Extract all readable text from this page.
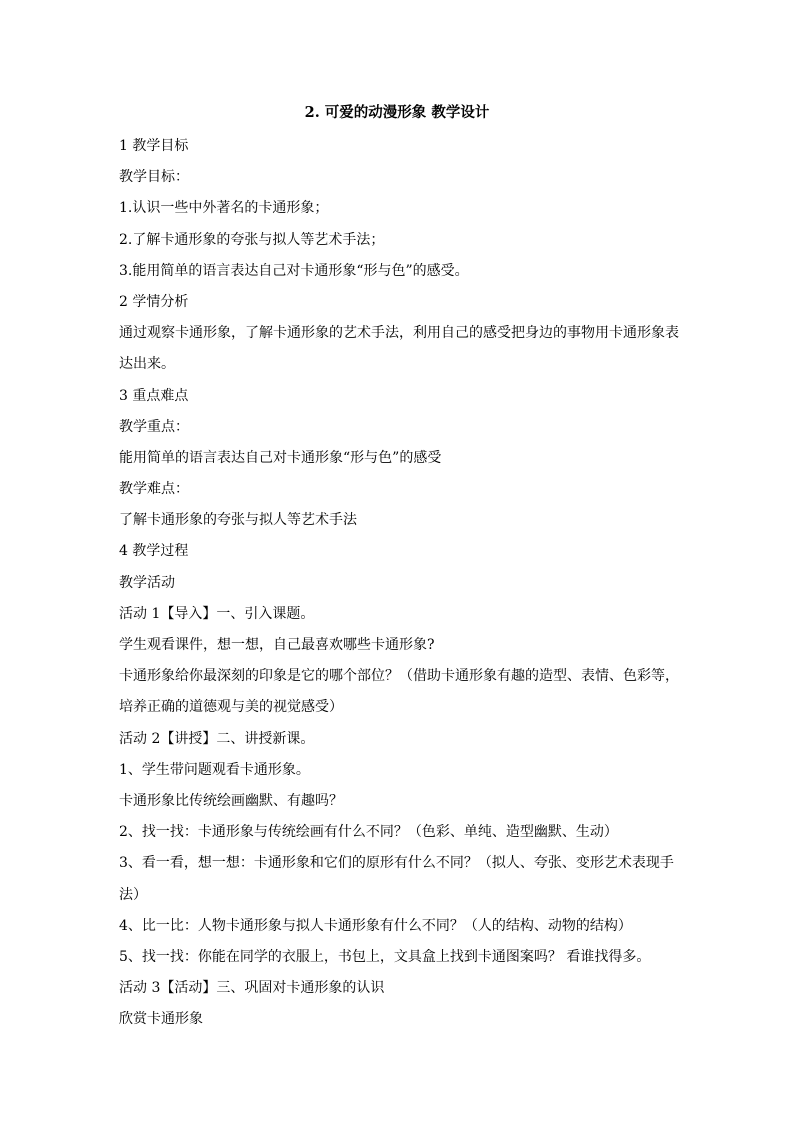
2. 可爱的动漫形象 教学设计
1 教学目标
教学目标：
1.认识一些中外著名的卡通形象；
2.了解卡通形象的夸张与拟人等艺术手法；
3.能用简单的语言表达自己对卡通形象“形与色”的感受。
2 学情分析
通过观察卡通形象，了解卡通形象的艺术手法，利用自己的感受把身边的事物用卡通形象表
达出来。
3 重点难点
教学重点：
能用简单的语言表达自己对卡通形象“形与色”的感受
教学难点：
了解卡通形象的夸张与拟人等艺术手法
4 教学过程
教学活动
活动 1【导入】一、引入课题。
学生观看课件，想一想，自己最喜欢哪些卡通形象?
卡通形象给你最深刻的印象是它的哪个部位？（借助卡通形象有趣的造型、表情、色彩等，
培养正确的道德观与美的视觉感受）
活动 2【讲授】二、讲授新课。
1、学生带问题观看卡通形象。
卡通形象比传统绘画幽默、有趣吗？
2、找一找：卡通形象与传统绘画有什么不同？（色彩、单纯、造型幽默、生动）
3、看一看，想一想：卡通形象和它们的原形有什么不同？（拟人、夸张、变形艺术表现手
法）
4、比一比：人物卡通形象与拟人卡通形象有什么不同？（人的结构、动物的结构）
5、找一找：你能在同学的衣服上，书包上，文具盒上找到卡通图案吗？ 看谁找得多。
活动 3【活动】三、巩固对卡通形象的认识
欣赏卡通形象
